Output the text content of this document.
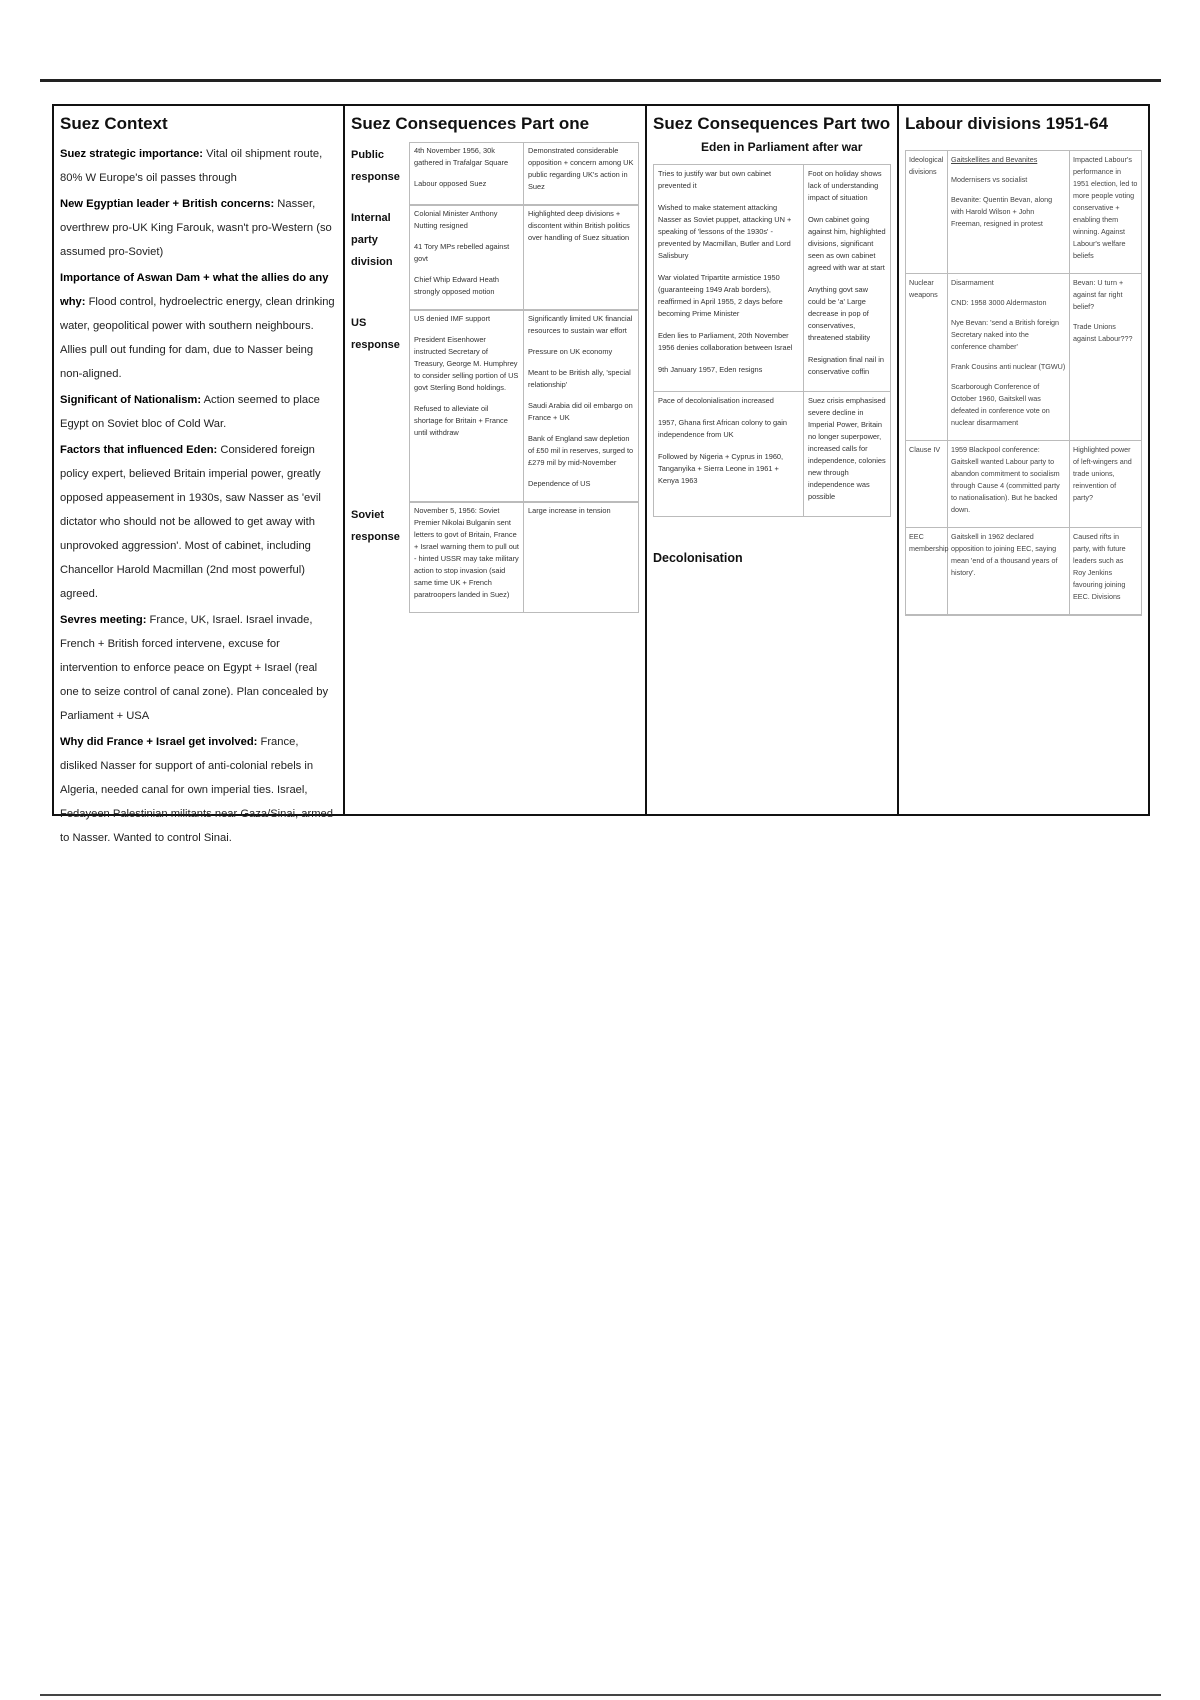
Suez Context

Suez strategic importance: Vital oil shipment route, 80% W Europe's oil passes through

New Egyptian leader + British concerns: Nasser, overthrew pro-UK King Farouk, wasn't pro-Western (so assumed pro-Soviet)

Importance of Aswan Dam + what the allies do any why: Flood control, hydroelectric energy, clean drinking water, geopolitical power with southern neighbours. Allies pull out funding for dam, due to Nasser being non-aligned.

Significant of Nationalism: Action seemed to place Egypt on Soviet bloc of Cold War.

Factors that influenced Eden: Considered foreign policy expert, believed Britain imperial power, greatly opposed appeasement in 1930s, saw Nasser as 'evil dictator who should not be allowed to get away with unprovoked aggression'. Most of cabinet, including Chancellor Harold Macmillan (2nd most powerful) agreed.

Sevres meeting: France, UK, Israel. Israel invade, French + British forced intervene, excuse for intervention to enforce peace on Egypt + Israel (real one to seize control of canal zone). Plan concealed by Parliament + USA

Why did France + Israel get involved: France, disliked Nasser for support of anti-colonial rebels in Algeria, needed canal for own imperial ties. Israel, Fedayeen Palestinian militants near Gaza/Sinai, armed to Nasser. Wanted to control Sinai.

Suez Consequences Part one
Public response

4th November 1956, 30k gathered in Trafalgar Square

Labour opposed Suez

Demonstrated considerable opposition + concern among UK public regarding UK's action in Suez

Internal party division

Colonial Minister Anthony Nutting resigned

41 Tory MPs rebelled against govt

Chief Whip Edward Heath strongly opposed motion

Highlighted deep divisions + discontent within British politics over handling of Suez situation

US response

US denied IMF support

President Eisenhower instructed Secretary of Treasury, George M. Humphrey to consider selling portion of US govt Sterling Bond holdings.

Refused to alleviate oil shortage for Britain + France until withdraw

Significantly limited UK financial resources to sustain war effort

Pressure on UK economy

Meant to be British ally, 'special relationship'

Saudi Arabia did oil embargo on France + UK

Bank of England saw depletion of £50 mil in reserves, surged to £279 mil by mid-November

Dependence of US

Soviet response

November 5, 1956: Soviet Premier Nikolai Bulganin sent letters to govt of Britain, France + Israel warning them to pull out - hinted USSR may take military action to stop invasion (said same time UK + French paratroopers landed in Suez)

Large increase in tension

Suez Consequences Part two
Eden in Parliament after war

Tries to justify war but own cabinet prevented it

Wished to make statement attacking Nasser as Soviet puppet, attacking UN + speaking of 'lessons of the 1930s' - prevented by Macmillan, Butler and Lord Salisbury

War violated Tripartite armistice 1950 (guaranteeing 1949 Arab borders), reaffirmed in April 1955, 2 days before becoming Prime Minister

Eden lies to Parliament, 20th November 1956 denies collaboration between Israel

9th January 1957, Eden resigns

Foot on holiday shows lack of understanding impact of situation

Own cabinet going against him, highlighted divisions, significant seen as own cabinet agreed with war at start

Anything govt saw could be 'a' Large decrease in pop of conservatives, threatened stability

Resignation final nail in conservative coffin

Pace of decolonialisation increased

1957, Ghana first African colony to gain independence from UK

Followed by Nigeria + Cyprus in 1960, Tanganyika + Sierra Leone in 1961 + Kenya 1963

Suez crisis emphasised severe decline in Imperial Power, Britain no longer superpower, increased calls for independence, colonies new through independence was possible

Decolonisation
Labour divisions 1951-64
Ideological divisions

Gaitskellites and Bevanites

Modernisers vs socialist

Bevanite: Quentin Bevan, along with Harold Wilson + John Freeman, resigned in protest

Impacted Labour's performance in 1951 election, led to more people voting conservative + enabling them winning. Against Labour's welfare beliefs

Nuclear weapons

Disarmament

CND: 1958 3000 Aldermaston

Nye Bevan: 'send a British foreign Secretary naked into the conference chamber'

Frank Cousins anti nuclear (TGWU)

Scarborough Conference of October 1960, Gaitskell was defeated in conference vote on nuclear disarmament

Bevan: U turn + against far right belief?

Trade Unions against Labour???

Clause IV	1959 Blackpool conference: Gaitskell wanted Labour party to abandon commitment to socialism through Cause 4 (committed party to nationalisation). But he backed down.

Highlighted power of left-wingers and trade unions, reinvention of party?

EEC membership

Gaitskell in 1962 declared opposition to joining EEC, saying mean 'end of a thousand years of history'.

Caused rifts in party, with future leaders such as Roy Jenkins favouring joining EEC. Divisions
